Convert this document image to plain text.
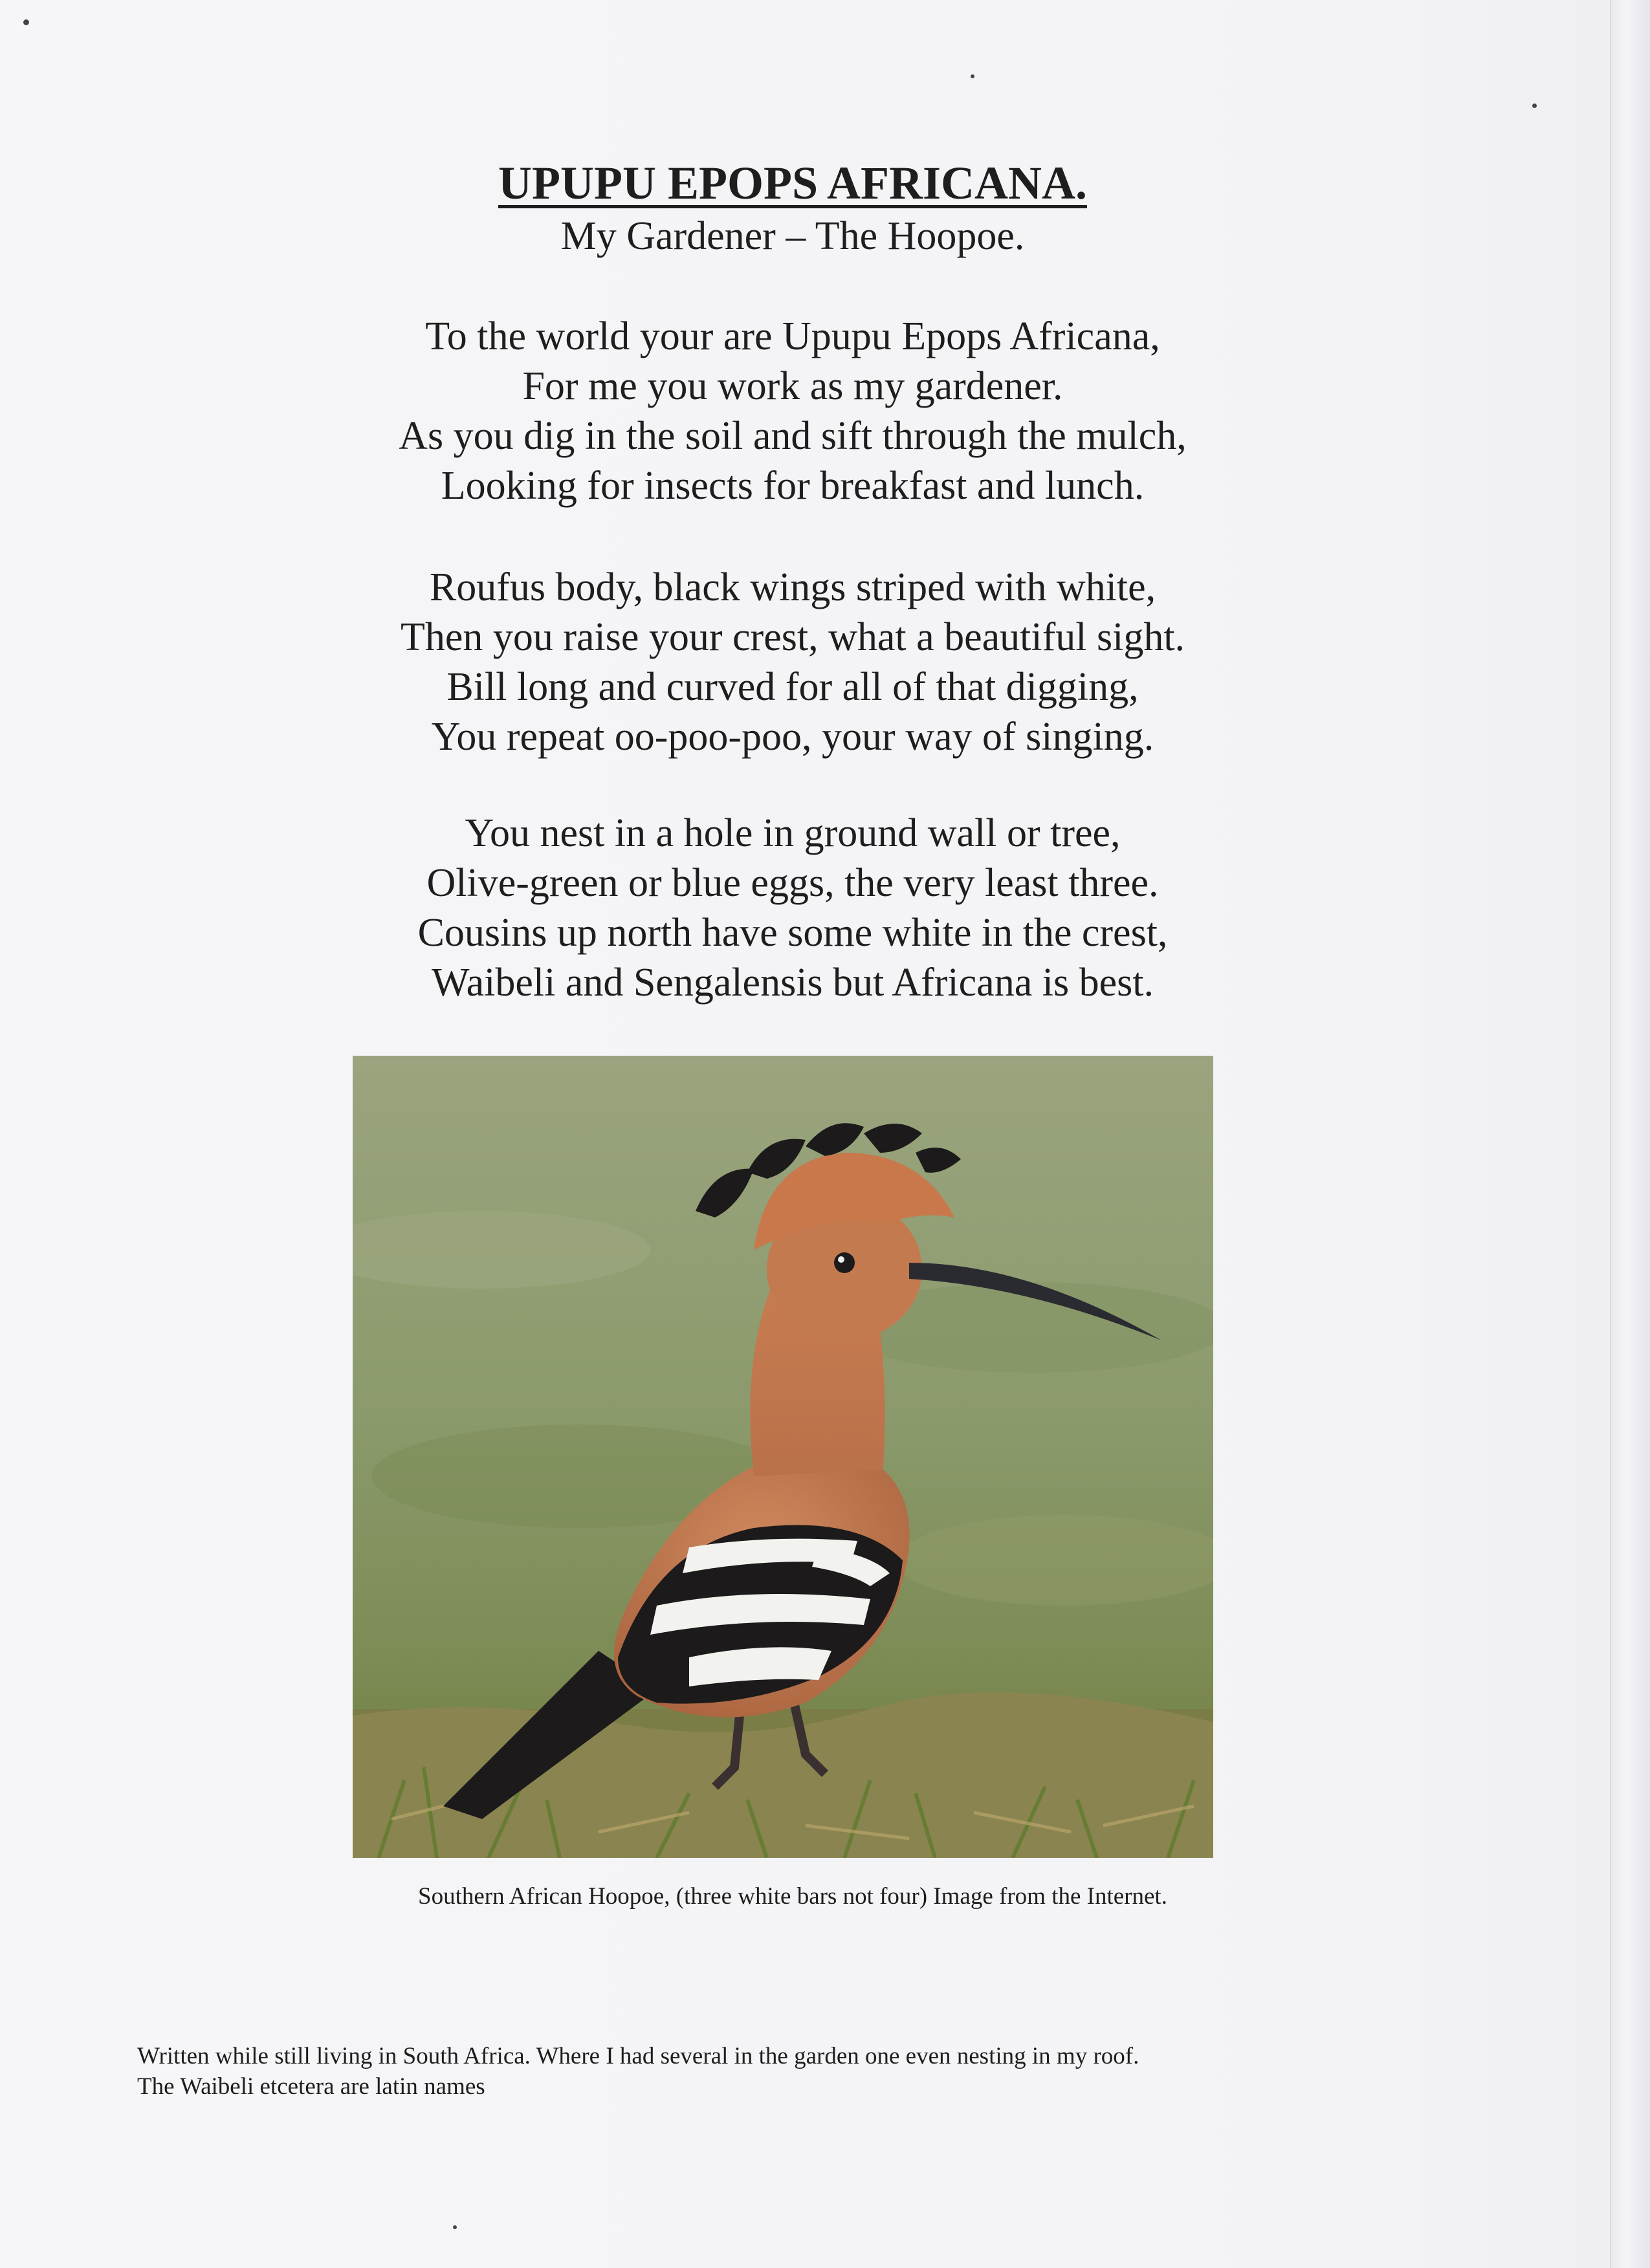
UPUPU EPOPS AFRICANA.
My Gardener – The Hoopoe.
To the world your are Upupu Epops Africana,
For me you work as my gardener.
As you dig in the soil and sift through the mulch,
Looking for insects for breakfast and lunch.
Roufus body, black wings striped with white,
Then you raise your crest, what a beautiful sight.
Bill long and curved for all of that digging,
You repeat oo-poo-poo, your way of singing.
You nest in a hole in ground wall or tree,
Olive-green or blue eggs, the very least three.
Cousins up north have some white in the crest,
Waibeli and Sengalensis but Africana is best.
Southern African Hoopoe, (three white bars not four) Image from the Internet.
Written while still living in South Africa. Where I had several in the garden one even nesting in my roof.
The Waibeli etcetera are latin names
